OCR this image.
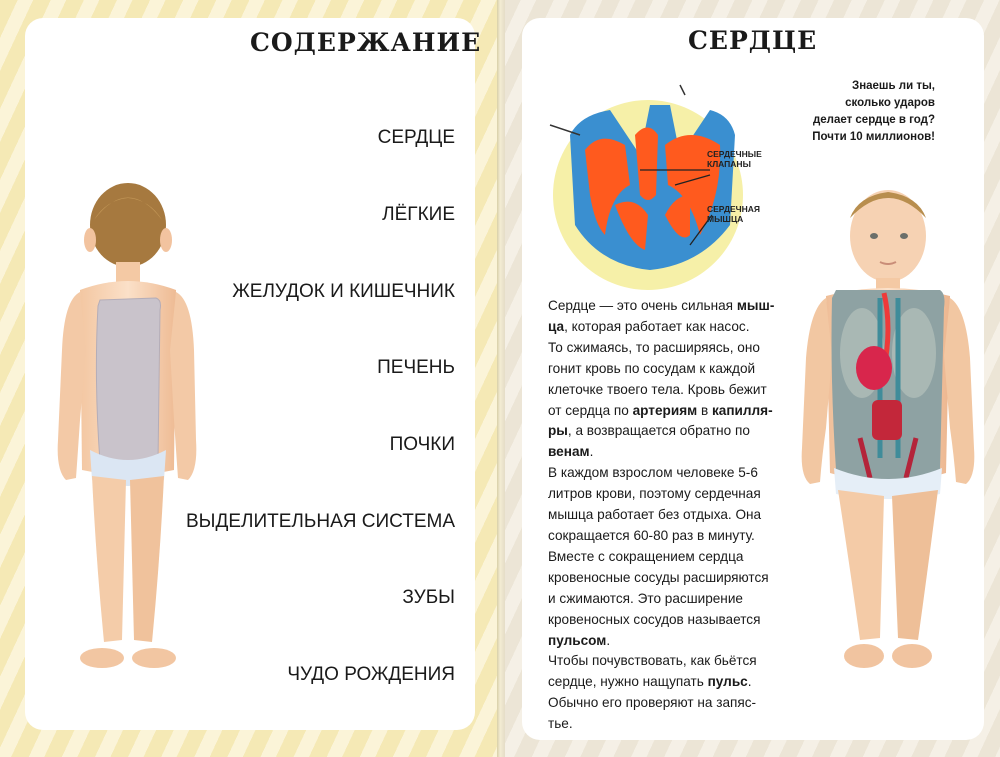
СОДЕРЖАНИЕ
СЕРДЦЕ
ЛЁГКИЕ
ЖЕЛУДОК И КИШЕЧНИК
ПЕЧЕНЬ
ПОЧКИ
ВЫДЕЛИТЕЛЬНАЯ СИСТЕМА
ЗУБЫ
ЧУДО РОЖДЕНИЯ
СЕРДЦЕ
СЕРДЕЧНЫЕ
КЛАПАНЫ
СЕРДЕЧНАЯ
МЫШЦА
Знаешь ли ты,
сколько ударов
делает сердце в год?
Почти 10 миллионов!
Сердце — это очень сильная мыш-
ца, которая работает как насос.
То сжимаясь, то расширяясь, оно
гонит кровь по сосудам к каждой
клеточке твоего тела. Кровь бежит
от сердца по артериям в капилля-
ры, а возвращается обратно по
венам.
В каждом взрослом человеке 5-6
литров крови, поэтому сердечная
мышца работает без отдыха. Она
сокращается 60-80 раз в минуту.
Вместе с сокращением сердца
кровеносные сосуды расширяются
и сжимаются. Это расширение
кровеносных сосудов называется
пульсом.
Чтобы почувствовать, как бьётся
сердце, нужно нащупать пульс.
Обычно его проверяют на запяс-
тье.
